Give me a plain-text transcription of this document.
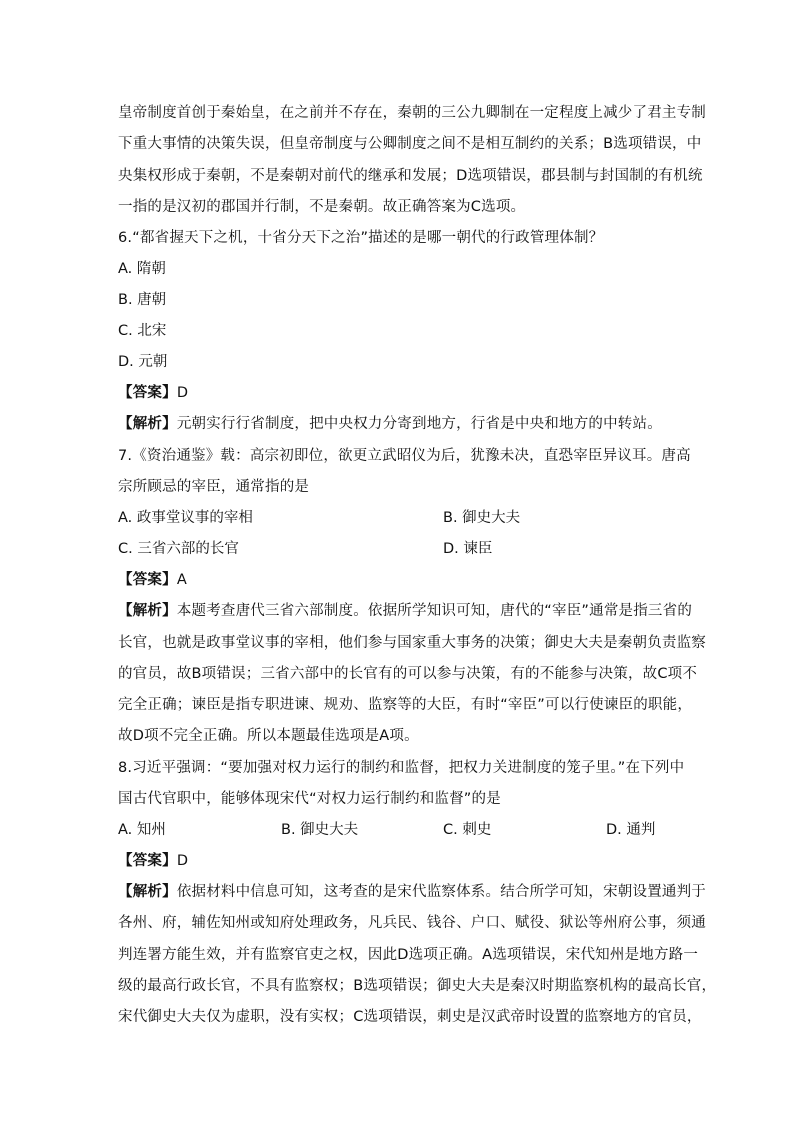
皇帝制度首创于秦始皇，在之前并不存在，秦朝的三公九卿制在一定程度上减少了君主专制
下重大事情的决策失误，但皇帝制度与公卿制度之间不是相互制约的关系；B选项错误，中
央集权形成于秦朝，不是秦朝对前代的继承和发展；D选项错误，郡县制与封国制的有机统
一指的是汉初的郡国并行制，不是秦朝。故正确答案为C选项。
6.“都省握天下之机，十省分天下之治”描述的是哪一朝代的行政管理体制？
A. 隋朝
B. 唐朝
C. 北宋
D. 元朝
【答案】D
【解析】元朝实行行省制度，把中央权力分寄到地方，行省是中央和地方的中转站。
7.《资治通鉴》载：高宗初即位，欲更立武昭仪为后，犹豫未决，直恐宰臣异议耳。唐高
宗所顾忌的宰臣，通常指的是
A. 政事堂议事的宰相	B. 御史大夫
C. 三省六部的长官	D. 谏臣
【答案】A
【解析】本题考查唐代三省六部制度。依据所学知识可知，唐代的“宰臣”通常是指三省的
长官，也就是政事堂议事的宰相，他们参与国家重大事务的决策；御史大夫是秦朝负责监察
的官员，故B项错误；三省六部中的长官有的可以参与决策，有的不能参与决策，故C项不
完全正确；谏臣是指专职进谏、规劝、监察等的大臣，有时“宰臣”可以行使谏臣的职能，
故D项不完全正确。所以本题最佳选项是A项。
8.习近平强调：“要加强对权力运行的制约和监督，把权力关进制度的笼子里。”在下列中
国古代官职中，能够体现宋代“对权力运行制约和监督”的是
A. 知州	B. 御史大夫	C. 刺史	D. 通判
【答案】D
【解析】依据材料中信息可知，这考查的是宋代监察体系。结合所学可知，宋朝设置通判于
各州、府，辅佐知州或知府处理政务，凡兵民、钱谷、户口、赋役、狱讼等州府公事，须通
判连署方能生效，并有监察官吏之权，因此D选项正确。A选项错误，宋代知州是地方路一
级的最高行政长官，不具有监察权；B选项错误；御史大夫是秦汉时期监察机构的最高长官，
宋代御史大夫仅为虚职，没有实权；C选项错误，刺史是汉武帝时设置的监察地方的官员，
